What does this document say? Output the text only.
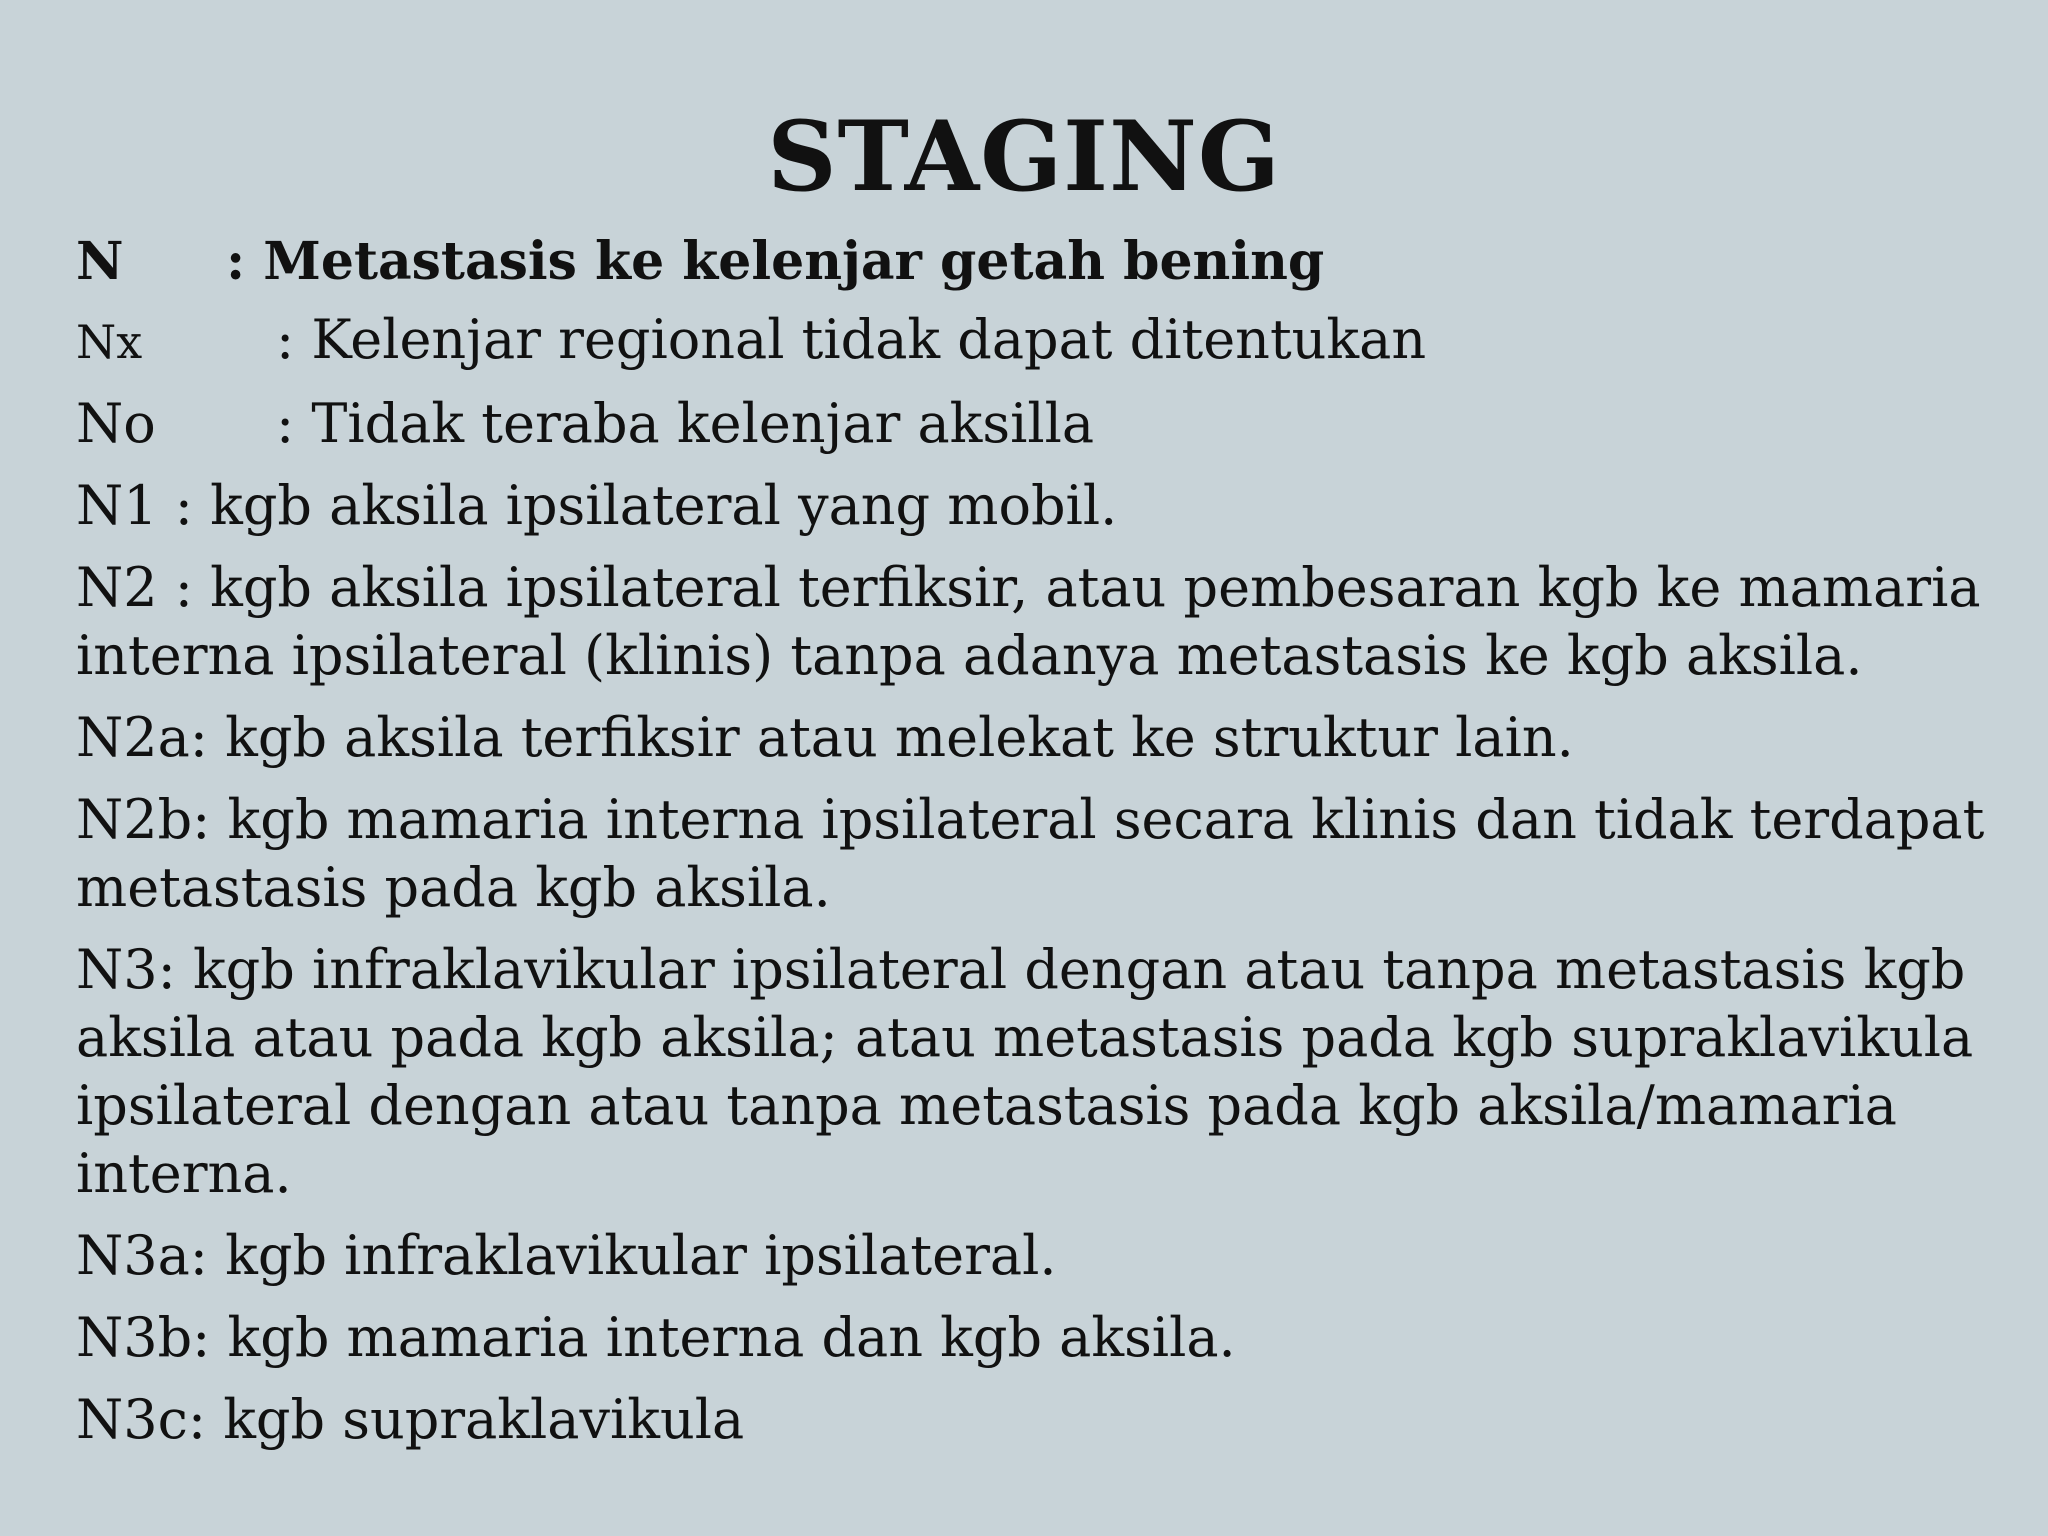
STAGING
N : Metastasis ke kelenjar getah bening
Nx : Kelenjar regional tidak dapat ditentukan
No : Tidak teraba kelenjar aksilla
N1 : kgb aksila ipsilateral yang mobil.
N2 : kgb aksila ipsilateral terfiksir, atau pembesaran kgb ke mamaria
interna ipsilateral (klinis) tanpa adanya metastasis ke kgb aksila.
N2a: kgb aksila terfiksir atau melekat ke struktur lain.
N2b: kgb mamaria interna ipsilateral secara klinis dan tidak terdapat
metastasis pada kgb aksila.
N3: kgb infraklavikular ipsilateral dengan atau tanpa metastasis kgb
aksila atau pada kgb aksila; atau metastasis pada kgb supraklavikula
ipsilateral dengan atau tanpa metastasis pada kgb aksila/mamaria
interna.
N3a: kgb infraklavikular ipsilateral.
N3b: kgb mamaria interna dan kgb aksila.
N3c: kgb supraklavikula
